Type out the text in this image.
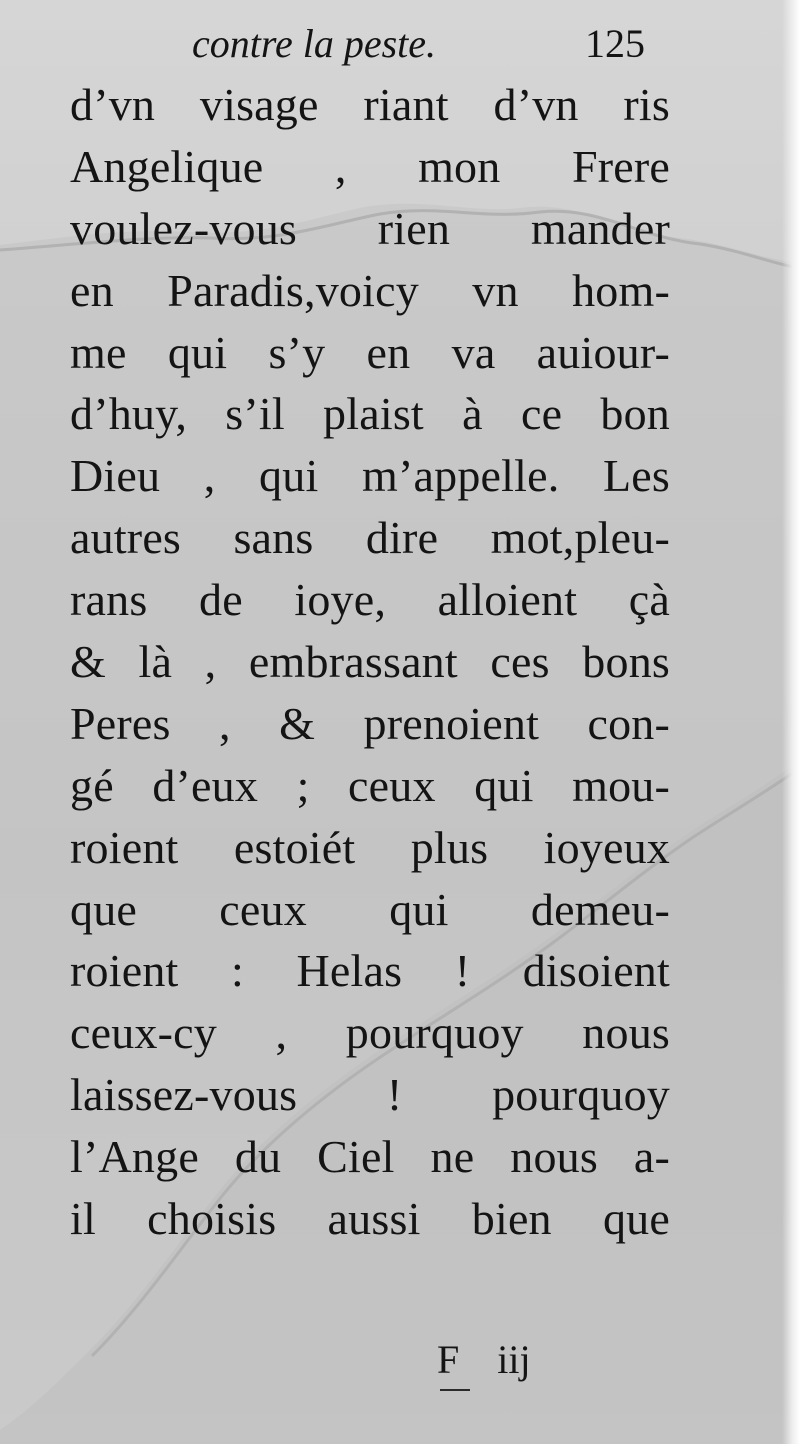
contre la peste.	125
d’vn visage riant d’vn ris
Angelique , mon Frere
voulez-vous rien mander
en Paradis,voicy vn hom-
me qui s’y en va auiour-
d’huy, s’il plaist à ce bon
Dieu , qui m’appelle. Les
autres sans dire mot,pleu-
rans de ioye, alloient çà
& là , embrassant ces bons
Peres , & prenoient con-
gé d’eux ; ceux qui mou-
roient estoiét plus ioyeux
que ceux qui demeu-
roient : Helas ! disoient
ceux-cy , pourquoy nous
laissez-vous ! pourquoy
l’Ange du Ciel ne nous a-
il choisis aussi bien que
F iij
